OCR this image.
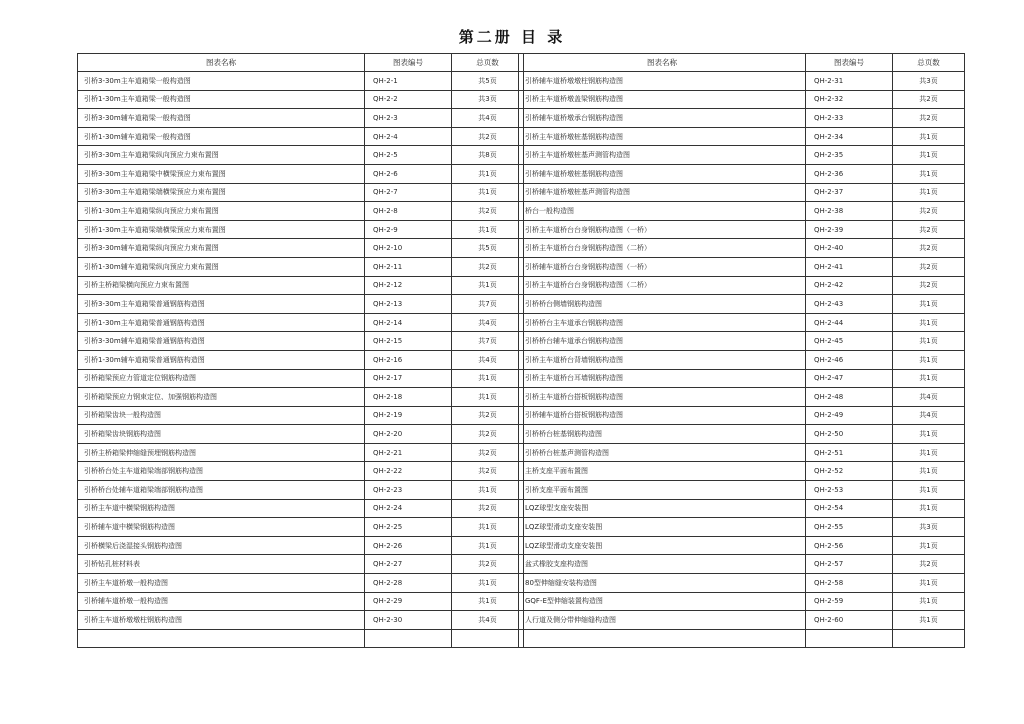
第二册 目 录
图表名称	图表编号	总页数
引桥3-30m主车道箱梁一般构造图	QH-2-1	共5页
引桥1-30m主车道箱梁一般构造图	QH-2-2	共3页
引桥3-30m辅车道箱梁一般构造图	QH-2-3	共4页
引桥1-30m辅车道箱梁一般构造图	QH-2-4	共2页
引桥3-30m主车道箱梁纵向预应力束布置图	QH-2-5	共8页
引桥3-30m主车道箱梁中横梁预应力束布置图	QH-2-6	共1页
引桥3-30m主车道箱梁端横梁预应力束布置图	QH-2-7	共1页
引桥1-30m主车道箱梁纵向预应力束布置图	QH-2-8	共2页
引桥1-30m主车道箱梁端横梁预应力束布置图	QH-2-9	共1页
引桥3-30m辅车道箱梁纵向预应力束布置图	QH-2-10	共5页
引桥1-30m辅车道箱梁纵向预应力束布置图	QH-2-11	共2页
引桥主桥箱梁横向预应力束布置图	QH-2-12	共1页
引桥3-30m主车道箱梁普通钢筋构造图	QH-2-13	共7页
引桥1-30m主车道箱梁普通钢筋构造图	QH-2-14	共4页
引桥3-30m辅车道箱梁普通钢筋构造图	QH-2-15	共7页
引桥1-30m辅车道箱梁普通钢筋构造图	QH-2-16	共4页
引桥箱梁预应力管道定位钢筋构造图	QH-2-17	共1页
引桥箱梁预应力钢束定位、加强钢筋构造图	QH-2-18	共1页
引桥箱梁齿块一般构造图	QH-2-19	共2页
引桥箱梁齿块钢筋构造图	QH-2-20	共2页
引桥主桥箱梁伸缩缝预埋钢筋构造图	QH-2-21	共2页
引桥桥台处主车道箱梁端部钢筋构造图	QH-2-22	共2页
引桥桥台处辅车道箱梁端部钢筋构造图	QH-2-23	共1页
引桥主车道中横梁钢筋构造图	QH-2-24	共2页
引桥辅车道中横梁钢筋构造图	QH-2-25	共1页
引桥横梁后浇湿接头钢筋构造图	QH-2-26	共1页
引桥钻孔桩材料表	QH-2-27	共2页
引桥主车道桥墩一般构造图	QH-2-28	共1页
引桥辅车道桥墩一般构造图	QH-2-29	共1页
引桥主车道桥墩墩柱钢筋构造图	QH-2-30	共4页

图表名称	图表编号	总页数
引桥辅车道桥墩墩柱钢筋构造图	QH-2-31	共3页
引桥主车道桥墩盖梁钢筋构造图	QH-2-32	共2页
引桥辅车道桥墩承台钢筋构造图	QH-2-33	共2页
引桥主车道桥墩桩基钢筋构造图	QH-2-34	共1页
引桥主车道桥墩桩基声测管构造图	QH-2-35	共1页
引桥辅车道桥墩桩基钢筋构造图	QH-2-36	共1页
引桥辅车道桥墩桩基声测管构造图	QH-2-37	共1页
桥台一般构造图	QH-2-38	共2页
引桥主车道桥台台身钢筋构造图（一桥）	QH-2-39	共2页
引桥主车道桥台台身钢筋构造图（二桥）	QH-2-40	共2页
引桥辅车道桥台台身钢筋构造图（一桥）	QH-2-41	共2页
引桥主车道桥台台身钢筋构造图（二桥）	QH-2-42	共2页
引桥桥台侧墙钢筋构造图	QH-2-43	共1页
引桥桥台主车道承台钢筋构造图	QH-2-44	共1页
引桥桥台辅车道承台钢筋构造图	QH-2-45	共1页
引桥主车道桥台背墙钢筋构造图	QH-2-46	共1页
引桥主车道桥台耳墙钢筋构造图	QH-2-47	共1页
引桥主车道桥台搭板钢筋构造图	QH-2-48	共4页
引桥辅车道桥台搭板钢筋构造图	QH-2-49	共4页
引桥桥台桩基钢筋构造图	QH-2-50	共1页
引桥桥台桩基声测管构造图	QH-2-51	共1页
主桥支座平面布置图	QH-2-52	共1页
引桥支座平面布置图	QH-2-53	共1页
LQZ球型支座安装图	QH-2-54	共1页
LQZ球型滑动支座安装图	QH-2-55	共3页
LQZ球型滑动支座安装图	QH-2-56	共1页
盆式橡胶支座构造图	QH-2-57	共2页
80型伸缩缝安装构造图	QH-2-58	共1页
GQF-E型伸缩装置构造图	QH-2-59	共1页
人行道及侧分带伸缩缝构造图	QH-2-60	共1页
